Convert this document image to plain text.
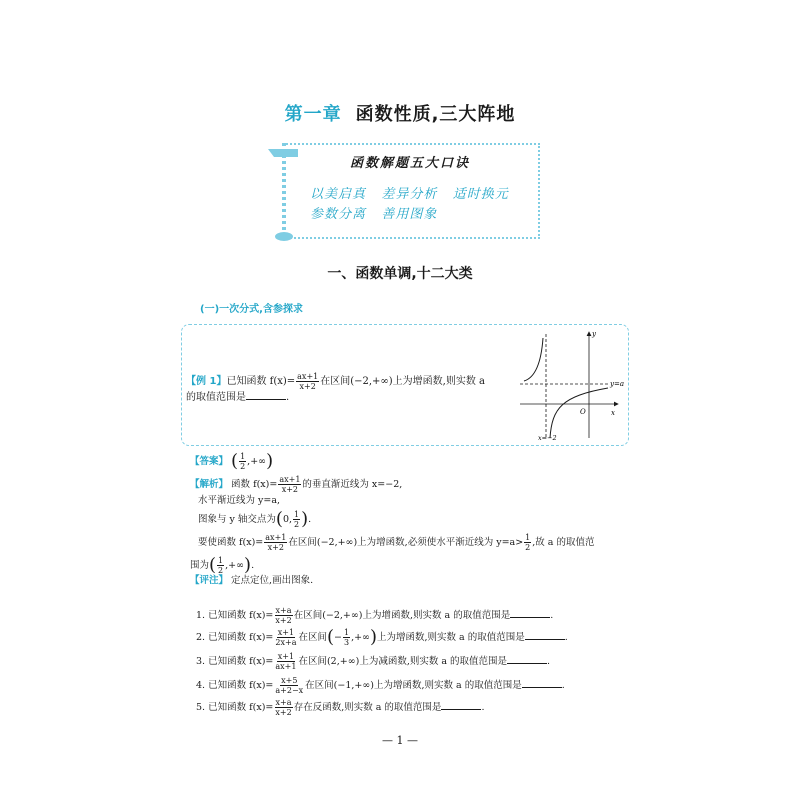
第一章 函数性质,三大阵地
函数解题五大口诀
以美启真   差异分析   适时换元
参数分离   善用图象
一、函数单调,十二大类
(一)一次分式,含参探求
【例 1】已知函数 $f(x)= \frac{ax+1}{x+2}$ 在区间(−2,+∞)上为增函数,则实数 a
的取值范围是	.
y
x
O
y=a
x=−2
【答案】 ( $\frac{1}{2}$ ,+∞)
【解析】 函数 $f(x)= \frac{ax+1}{x+2}$ 的垂直渐近线为 x=−2,
水平渐近线为 y=a,
图象与 y 轴交点为(0, $\frac{1}{2}$ ).
要使函数 $f(x)= \frac{ax+1}{x+2}$ 在区间(−2,+∞)上为增函数,必须使水平渐近线为 $y=a> \frac{1}{2}$ ,故 a 的取值范
围为( $\frac{1}{2}$ ,+∞).
【评注】 定点定位,画出图象.
1. 已知函数 $f(x)= \frac{x+a}{x+2}$ 在区间(−2,+∞)上为增函数,则实数 a 的取值范围是	.
2. 已知函数 $f(x)= \frac{x+1}{2x+a}$ 在区间(− $\frac{1}{3}$ ,+∞)上为增函数,则实数 a 的取值范围是	.
3. 已知函数 $f(x)= \frac{x+1}{ax+1}$ 在区间(2,+∞)上为减函数,则实数 a 的取值范围是	.
4. 已知函数 $f(x)= \frac{x+5}{a+2-x}$ 在区间(−1,+∞)上为增函数,则实数 a 的取值范围是	.
5. 已知函数 $f(x)= \frac{x+a}{x+2}$ 存在反函数,则实数 a 的取值范围是	.
— 1 —
